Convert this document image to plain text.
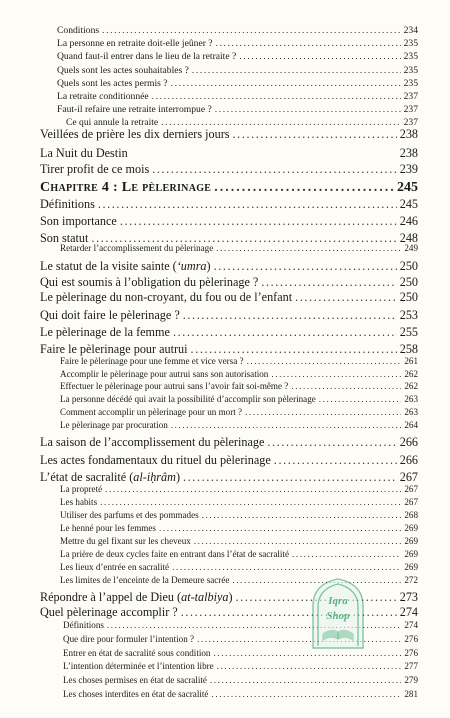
Conditions .....	234
La personne en retraite doit-elle jeûner ? .....	235
Quand faut-il entrer dans le lieu de la retraite ? .....	235
Quels sont les actes souhaitables ? .....	235
Quels sont les actes permis ? .....	235
La retraite conditionnée .....	237
Faut-il refaire une retraite interrompue ? .....	237
Ce qui annule la retraite .....	237
Veillées de prière les dix derniers jours .....	238
La Nuit du Destin	238
Tirer profit de ce mois .....	239
Chapitre 4 : Le pèlerinage .....	245
Définitions .....	245
Son importance .....	246
Son statut .....	248
Retarder l’accomplissement du pèlerinage .....	249
Le statut de la visite sainte (‘umra) .....	250
Qui est soumis à l’obligation du pèlerinage ? .....	250
Le pèlerinage du non-croyant, du fou ou de l’enfant .....	250
Qui doit faire le pèlerinage ? .....	253
Le pèlerinage de la femme .....	255
Faire le pèlerinage pour autrui .....	258
Faire le pèlerinage pour une femme et vice versa ? .....	261
Accomplir le pèlerinage pour autrui sans son autorisation .....	262
Effectuer le pèlerinage pour autrui sans l’avoir fait soi-même ? .....	262
La personne décédé qui avait la possibilité d’accomplir son pèlerinage .....	263
Comment accomplir un pèlerinage pour un mort ? .....	263
Le pèlerinage par procuration .....	264
La saison de l’accomplissement du pèlerinage .....	266
Les actes fondamentaux du rituel du pèlerinage .....	266
L’état de sacralité (al-iḥrâm) .....	267
La propreté .....	267
Les habits .....	267
Utiliser des parfums et des pommades .....	268
Le henné pour les femmes .....	269
Mettre du gel fixant sur les cheveux .....	269
La prière de deux cycles faite en entrant dans l’état de sacralité .....	269
Les lieux d’entrée en sacralité .....	269
Les limites de l’enceinte de la Demeure sacrée .....	272
Répondre à l’appel de Dieu (at-talbiya) .....	273
Quel pèlerinage accomplir ? .....	274
Définitions .....	274
Que dire pour formuler l’intention ? .....	276
Entrer en état de sacralité sous condition .....	276
L’intention déterminée et l’intention libre .....	277
Les choses permises en état de sacralité .....	279
Les choses interdites en état de sacralité .....	281
Iqra
Shop
